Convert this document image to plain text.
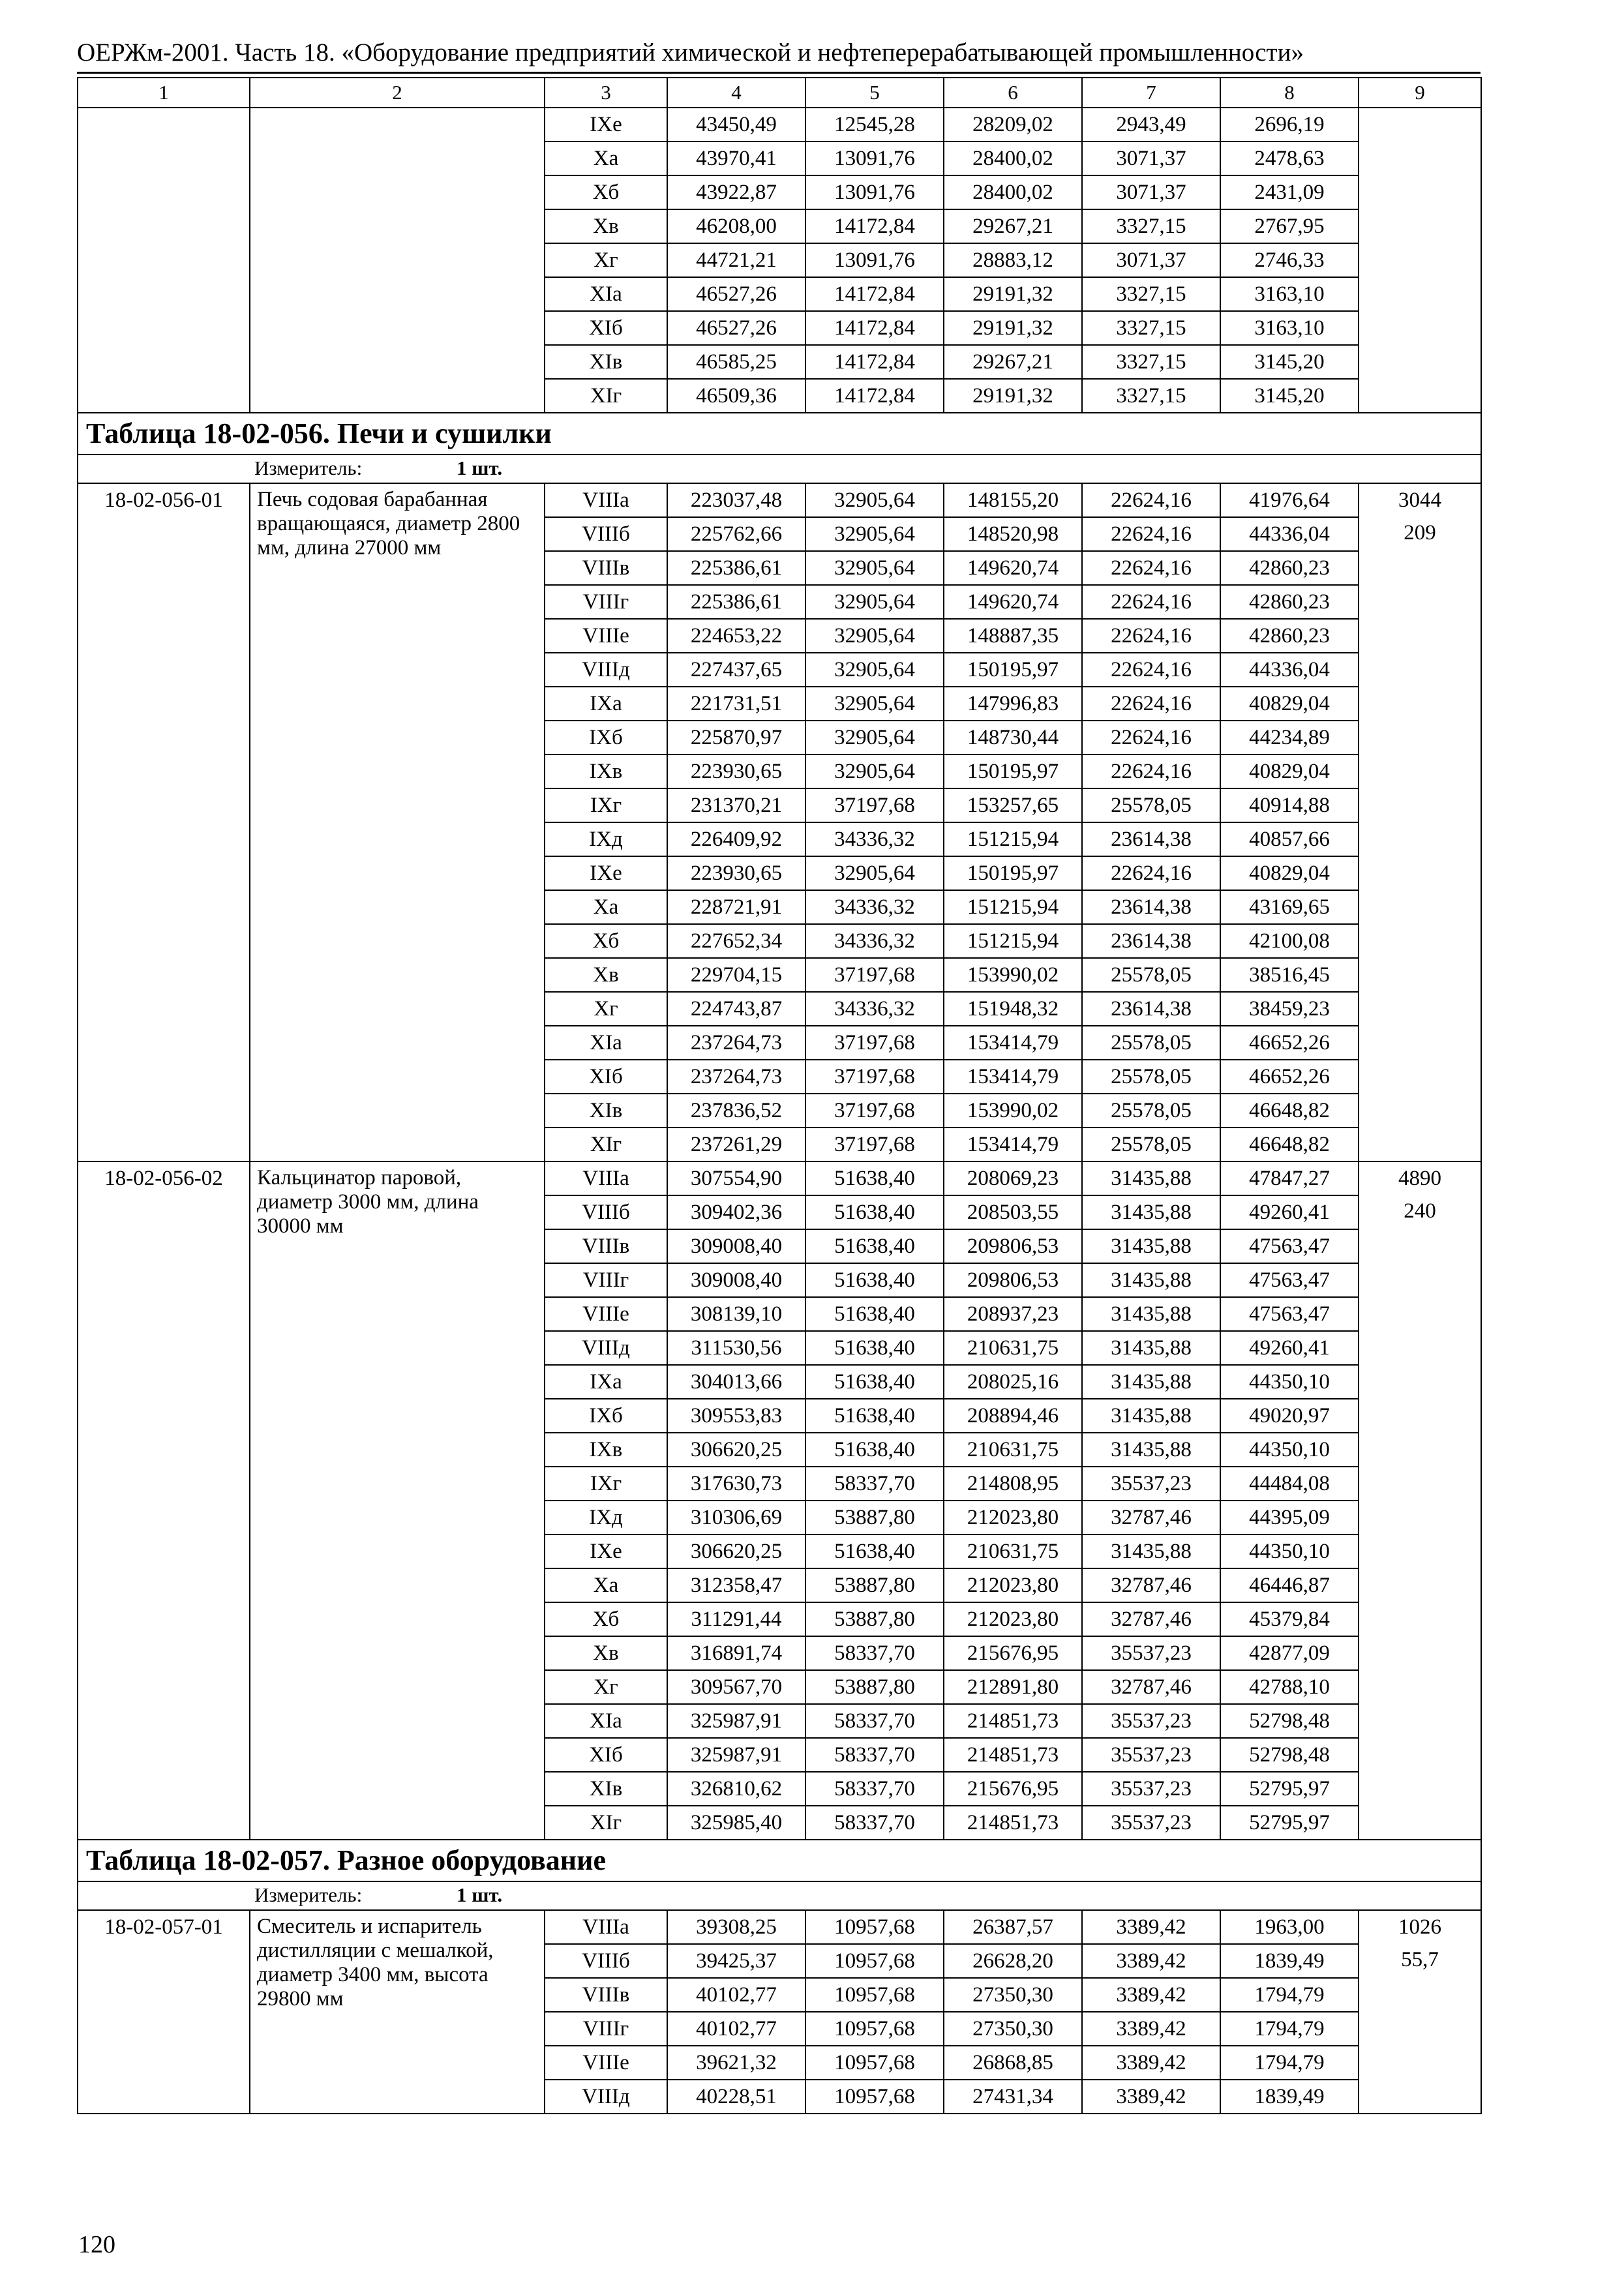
ОЕРЖм-2001. Часть 18. «Оборудование предприятий химической и нефтеперерабатывающей промышленности»
1	2	3	4	5	6	7	8	9
		IXе	43450,49	12545,28	28209,02	2943,49	2696,19	
		Xа	43970,41	13091,76	28400,02	3071,37	2478,63	
		Xб	43922,87	13091,76	28400,02	3071,37	2431,09	
		Xв	46208,00	14172,84	29267,21	3327,15	2767,95	
		Xг	44721,21	13091,76	28883,12	3071,37	2746,33	
		XIа	46527,26	14172,84	29191,32	3327,15	3163,10	
		XIб	46527,26	14172,84	29191,32	3327,15	3163,10	
		XIв	46585,25	14172,84	29267,21	3327,15	3145,20	
		XIг	46509,36	14172,84	29191,32	3327,15	3145,20	
Таблица 18-02-056. Печи и сушилки								
Измеритель: 1 шт.								
18-02-056-01	Печь содовая барабанная вращающаяся, диаметр 2800 мм, длина 27000 мм	VIIIа	223037,48	32905,64	148155,20	22624,16	41976,64	3044
209

		VIIIб	225762,66	32905,64	148520,98	22624,16	44336,04	
		VIIIв	225386,61	32905,64	149620,74	22624,16	42860,23	
		VIIIг	225386,61	32905,64	149620,74	22624,16	42860,23	
		VIIIе	224653,22	32905,64	148887,35	22624,16	42860,23	
		VIIIд	227437,65	32905,64	150195,97	22624,16	44336,04	
		IXа	221731,51	32905,64	147996,83	22624,16	40829,04	
		IXб	225870,97	32905,64	148730,44	22624,16	44234,89	
		IXв	223930,65	32905,64	150195,97	22624,16	40829,04	
		IXг	231370,21	37197,68	153257,65	25578,05	40914,88	
		IXд	226409,92	34336,32	151215,94	23614,38	40857,66	
		IXе	223930,65	32905,64	150195,97	22624,16	40829,04	
		Xа	228721,91	34336,32	151215,94	23614,38	43169,65	
		Xб	227652,34	34336,32	151215,94	23614,38	42100,08	
		Xв	229704,15	37197,68	153990,02	25578,05	38516,45	
		Xг	224743,87	34336,32	151948,32	23614,38	38459,23	
		XIа	237264,73	37197,68	153414,79	25578,05	46652,26	
		XIб	237264,73	37197,68	153414,79	25578,05	46652,26	
		XIв	237836,52	37197,68	153990,02	25578,05	46648,82	
		XIг	237261,29	37197,68	153414,79	25578,05	46648,82	
18-02-056-02	Кальцинатор паровой, диаметр 3000 мм, длина 30000 мм	VIIIа	307554,90	51638,40	208069,23	31435,88	47847,27	4890
240

		VIIIб	309402,36	51638,40	208503,55	31435,88	49260,41	
		VIIIв	309008,40	51638,40	209806,53	31435,88	47563,47	
		VIIIг	309008,40	51638,40	209806,53	31435,88	47563,47	
		VIIIе	308139,10	51638,40	208937,23	31435,88	47563,47	
		VIIIд	311530,56	51638,40	210631,75	31435,88	49260,41	
		IXа	304013,66	51638,40	208025,16	31435,88	44350,10	
		IXб	309553,83	51638,40	208894,46	31435,88	49020,97	
		IXв	306620,25	51638,40	210631,75	31435,88	44350,10	
		IXг	317630,73	58337,70	214808,95	35537,23	44484,08	
		IXд	310306,69	53887,80	212023,80	32787,46	44395,09	
		IXе	306620,25	51638,40	210631,75	31435,88	44350,10	
		Xа	312358,47	53887,80	212023,80	32787,46	46446,87	
		Xб	311291,44	53887,80	212023,80	32787,46	45379,84	
		Xв	316891,74	58337,70	215676,95	35537,23	42877,09	
		Xг	309567,70	53887,80	212891,80	32787,46	42788,10	
		XIа	325987,91	58337,70	214851,73	35537,23	52798,48	
		XIб	325987,91	58337,70	214851,73	35537,23	52798,48	
		XIв	326810,62	58337,70	215676,95	35537,23	52795,97	
		XIг	325985,40	58337,70	214851,73	35537,23	52795,97	
Таблица 18-02-057. Разное оборудование								
Измеритель: 1 шт.								
18-02-057-01	Смеситель и испаритель дистилляции с мешалкой, диаметр 3400 мм, высота 29800 мм	VIIIа	39308,25	10957,68	26387,57	3389,42	1963,00	1026
55,7

		VIIIб	39425,37	10957,68	26628,20	3389,42	1839,49	
		VIIIв	40102,77	10957,68	27350,30	3389,42	1794,79	
		VIIIг	40102,77	10957,68	27350,30	3389,42	1794,79	
		VIIIе	39621,32	10957,68	26868,85	3389,42	1794,79	
		VIIIд	40228,51	10957,68	27431,34	3389,42	1839,49	
120
